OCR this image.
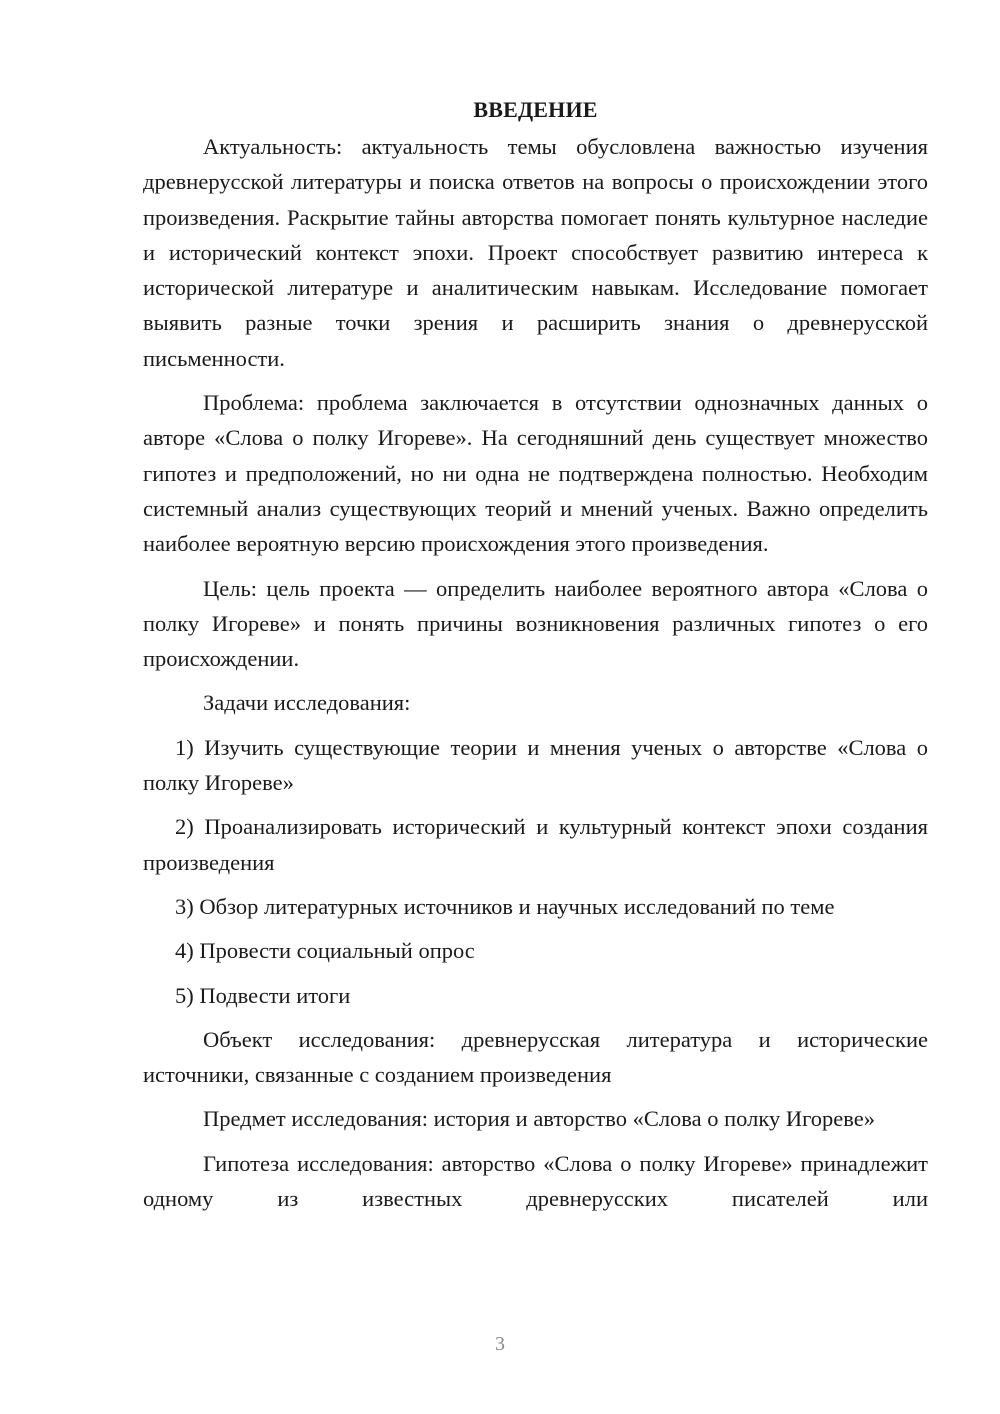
ВВЕДЕНИЕ

Актуальность: актуальность темы обусловлена важностью изучения древнерусской литературы и поиска ответов на вопросы о происхождении этого произведения. Раскрытие тайны авторства помогает понять культурное наследие и исторический контекст эпохи. Проект способствует развитию интереса к исторической литературе и аналитическим навыкам. Исследование помогает выявить разные точки зрения и расширить знания о древнерусской письменности.

Проблема: проблема заключается в отсутствии однозначных данных о авторе «Слова о полку Игореве». На сегодняшний день существует множество гипотез и предположений, но ни одна не подтверждена полностью. Необходим системный анализ существующих теорий и мнений ученых. Важно определить наиболее вероятную версию происхождения этого произведения.

Цель: цель проекта — определить наиболее вероятного автора «Слова о полку Игореве» и понять причины возникновения различных гипотез о его происхождении.

Задачи исследования:

1) Изучить существующие теории и мнения ученых о авторстве «Слова о полку Игореве»

2) Проанализировать исторический и культурный контекст эпохи создания произведения

3) Обзор литературных источников и научных исследований по теме

4) Провести социальный опрос

5) Подвести итоги

Объект исследования: древнерусская литература и исторические источники, связанные с созданием произведения

Предмет исследования: история и авторство «Слова о полку Игореве»

Гипотеза исследования: авторство «Слова о полку Игореве» принадлежит одному из известных древнерусских писателей или

3
